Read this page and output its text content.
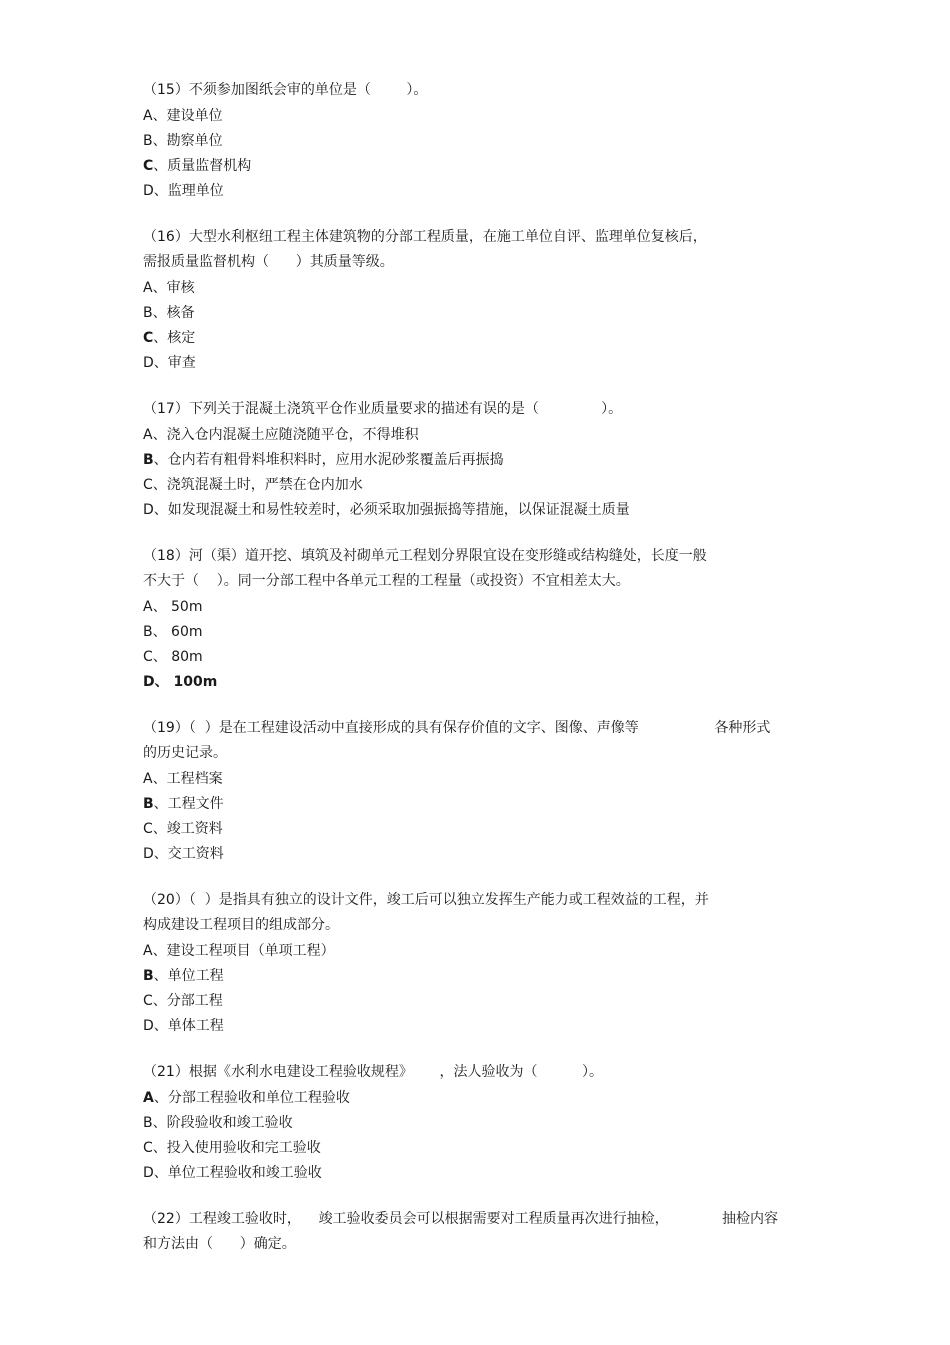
（15）不须参加图纸会审的单位是（        ）。
A、建设单位
B、勘察单位
C、质量监督机构
D、监理单位
（16）大型水利枢纽工程主体建筑物的分部工程质量，在施工单位自评、监理单位复核后，
需报质量监督机构（      ）其质量等级。
A、审核
B、核备
C、核定
D、审查
（17）下列关于混凝土浇筑平仓作业质量要求的描述有误的是（              ）。
A、浇入仓内混凝土应随浇随平仓，不得堆积
B、仓内若有粗骨料堆积料时，应用水泥砂浆覆盖后再振捣
C、浇筑混凝土时，严禁在仓内加水
D、如发现混凝土和易性较差时，必须采取加强振捣等措施，以保证混凝土质量
（18）河（渠）道开挖、填筑及衬砌单元工程划分界限宜设在变形缝或结构缝处，长度一般
不大于（    ）。同一分部工程中各单元工程的工程量（或投资）不宜相差太大。
A、 50m
B、 60m
C、 80m
D、 100m
（19）（  ）是在工程建设活动中直接形成的具有保存价值的文字、图像、声像等                 各种形式
的历史记录。
A、工程档案
B、工程文件
C、竣工资料
D、交工资料
（20）（  ）是指具有独立的设计文件，竣工后可以独立发挥生产能力或工程效益的工程，并
构成建设工程项目的组成部分。
A、建设工程项目（单项工程）
B、单位工程
C、分部工程
D、单体工程
（21）根据《水利水电建设工程验收规程》      ，法人验收为（          ）。
A、分部工程验收和单位工程验收
B、阶段验收和竣工验收
C、投入使用验收和完工验收
D、单位工程验收和竣工验收
（22）工程竣工验收时，    竣工验收委员会可以根据需要对工程质量再次进行抽检，            抽检内容
和方法由（      ）确定。
